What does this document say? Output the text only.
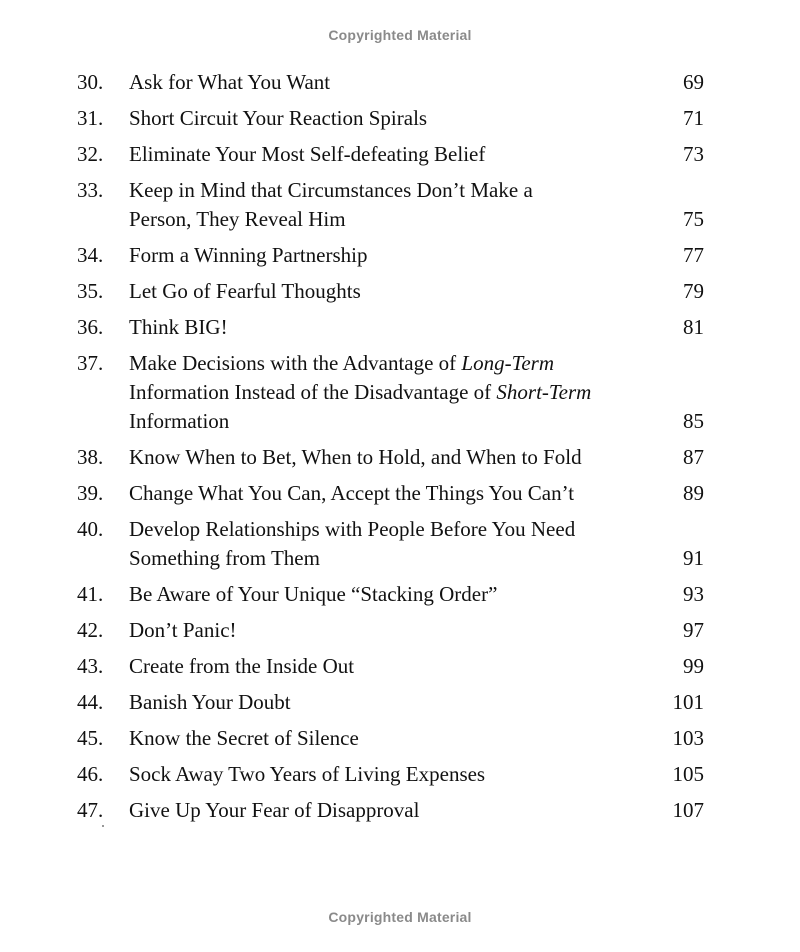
Copyrighted Material
30. Ask for What You Want	69
31. Short Circuit Your Reaction Spirals	71
32. Eliminate Your Most Self-defeating Belief	73
33. Keep in Mind that Circumstances Don’t Make a
Person, They Reveal Him	75
34. Form a Winning Partnership	77
35. Let Go of Fearful Thoughts	79
36. Think BIG!	81
37. Make Decisions with the Advantage of Long-Term
Information Instead of the Disadvantage of Short-Term
Information	85
38. Know When to Bet, When to Hold, and When to Fold	87
39. Change What You Can, Accept the Things You Can’t	89
40. Develop Relationships with People Before You Need
Something from Them	91
41. Be Aware of Your Unique “Stacking Order”	93
42. Don’t Panic!	97
43. Create from the Inside Out	99
44. Banish Your Doubt	101
45. Know the Secret of Silence	103
46. Sock Away Two Years of Living Expenses	105
47. Give Up Your Fear of Disapproval	107
Copyrighted Material
